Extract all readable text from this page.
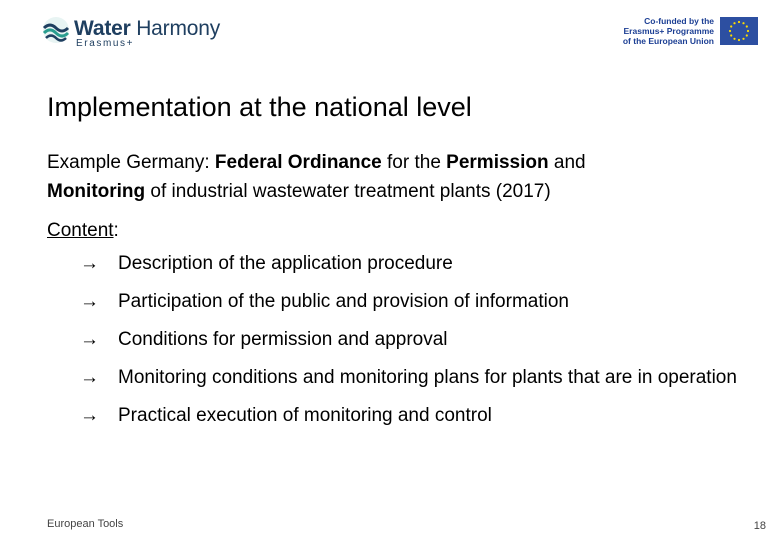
Water Harmony
Erasmus+
Co-funded by the
Erasmus+ Programme
of the European Union
Implementation at the national level
Example Germany: Federal Ordinance for the Permission and
Monitoring of industrial wastewater treatment plants (2017)
Content:
→ Description of the application procedure
→ Participation of the public and provision of information
→ Conditions for permission and approval
→ Monitoring conditions and monitoring plans for plants that are in operation
→ Practical execution of monitoring and control
European Tools	18
